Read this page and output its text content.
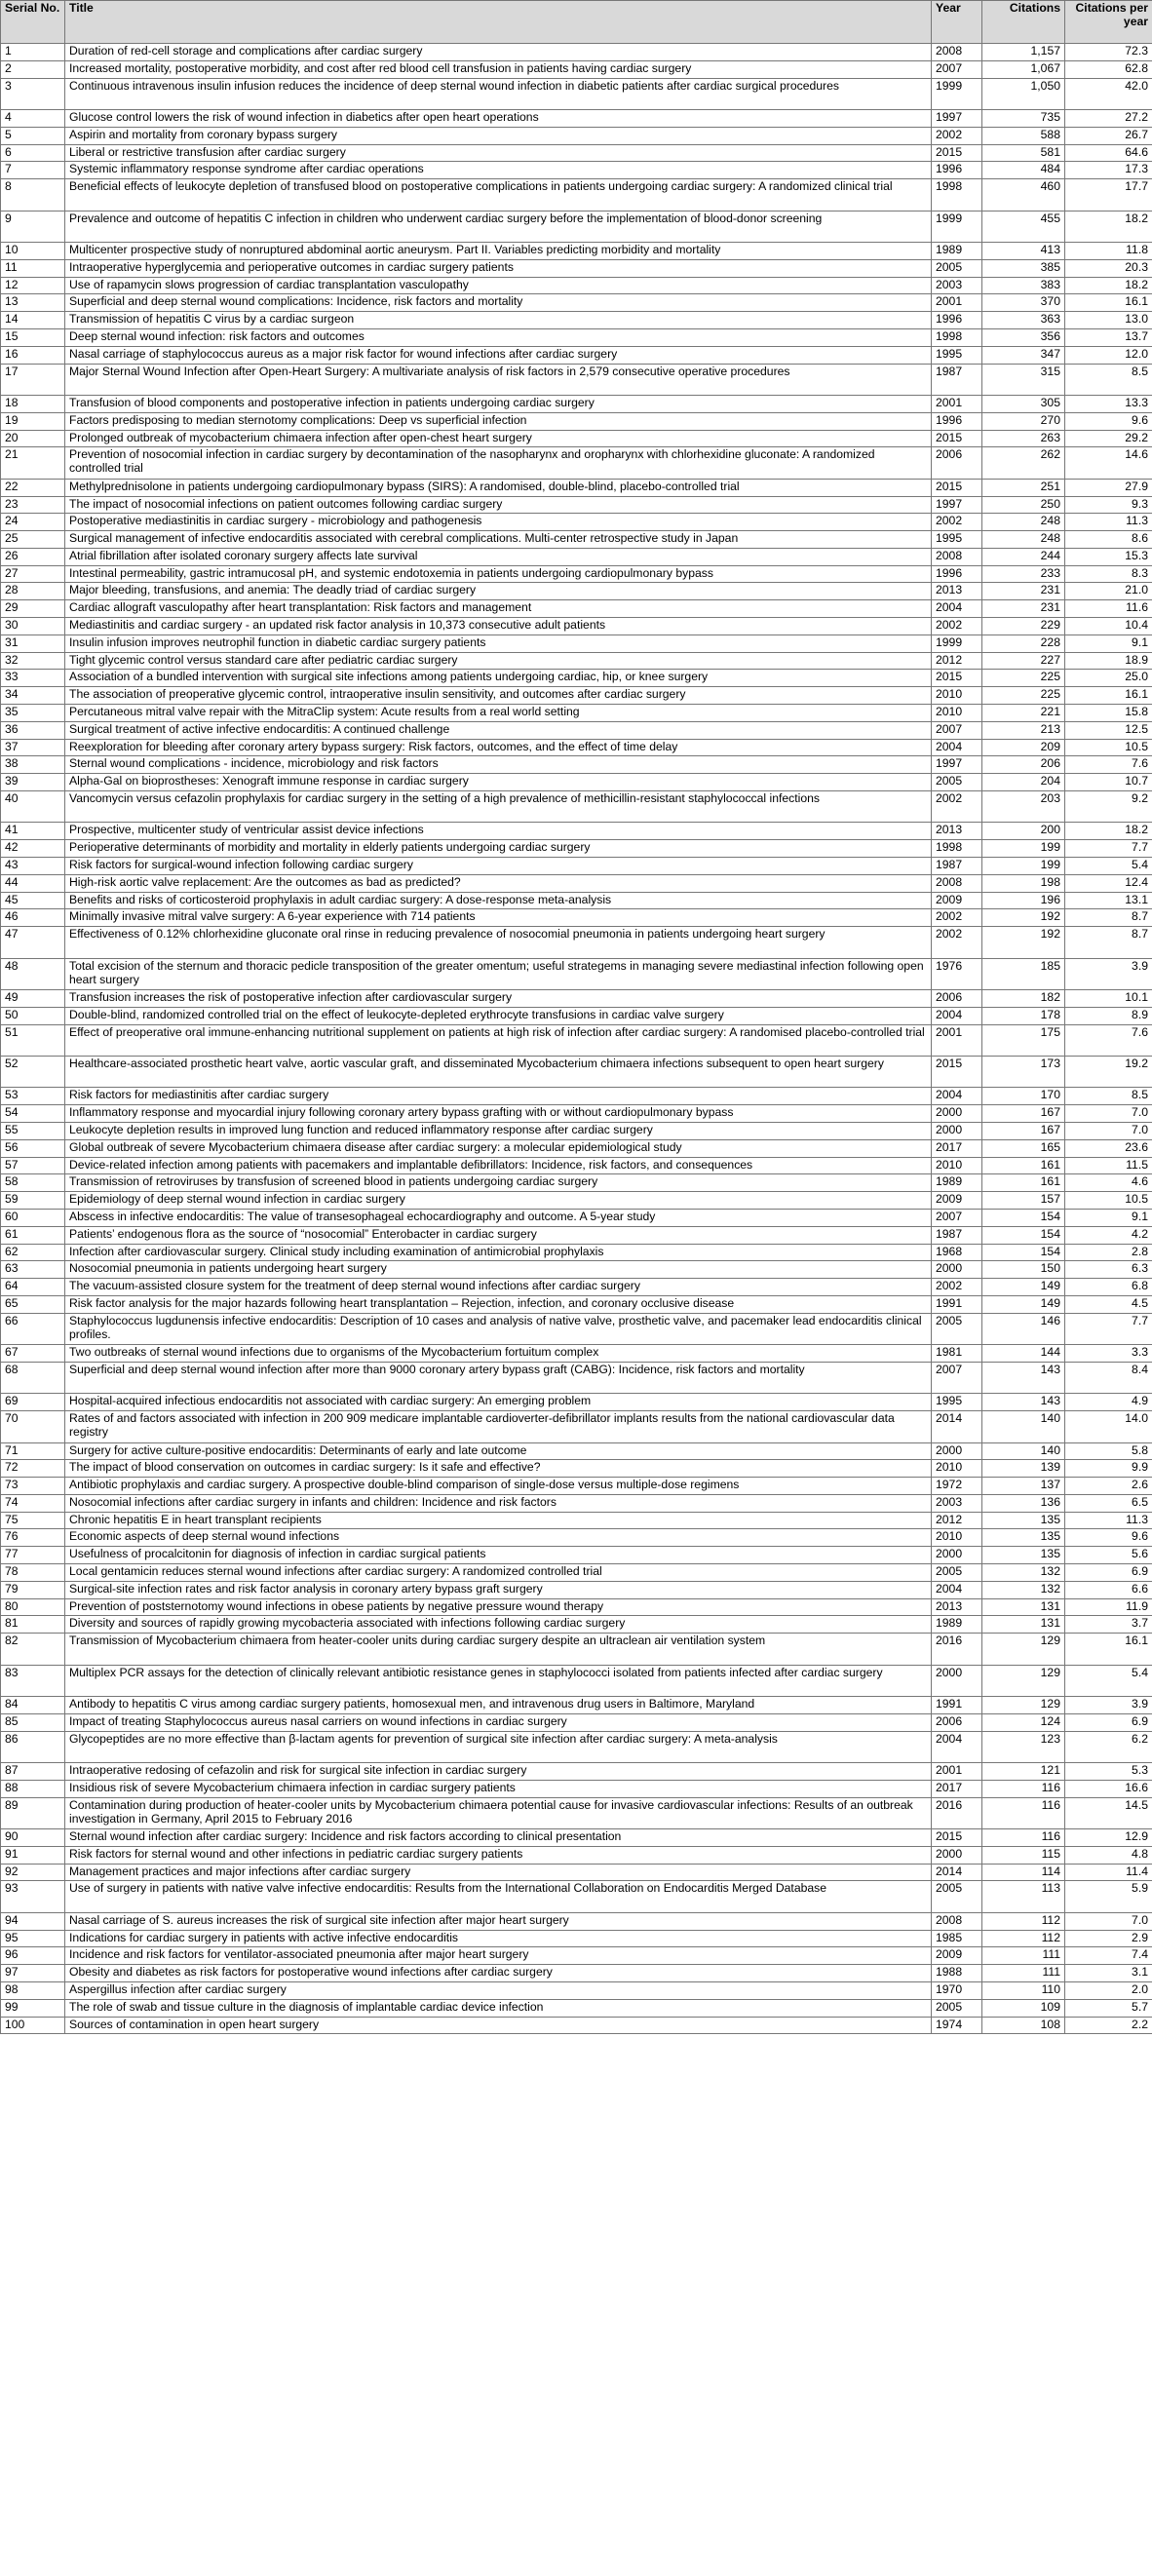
Serial No.	Title	Year	Citations	Citations per year
1	Duration of red-cell storage and complications after cardiac surgery	2008	1,157	72.3
2	Increased mortality, postoperative morbidity, and cost after red blood cell transfusion in patients having cardiac surgery	2007	1,067	62.8
3	Continuous intravenous insulin infusion reduces the incidence of deep sternal wound infection in diabetic patients after cardiac surgical procedures	1999	1,050	42.0
4	Glucose control lowers the risk of wound infection in diabetics after open heart operations	1997	735	27.2
5	Aspirin and mortality from coronary bypass surgery	2002	588	26.7
6	Liberal or restrictive transfusion after cardiac surgery	2015	581	64.6
7	Systemic inflammatory response syndrome after cardiac operations	1996	484	17.3
8	Beneficial effects of leukocyte depletion of transfused blood on postoperative complications in patients undergoing cardiac surgery: A randomized clinical trial	1998	460	17.7
9	Prevalence and outcome of hepatitis C infection in children who underwent cardiac surgery before the implementation of blood-donor screening	1999	455	18.2
10	Multicenter prospective study of nonruptured abdominal aortic aneurysm. Part II. Variables predicting morbidity and mortality	1989	413	11.8
11	Intraoperative hyperglycemia and perioperative outcomes in cardiac surgery patients	2005	385	20.3
12	Use of rapamycin slows progression of cardiac transplantation vasculopathy	2003	383	18.2
13	Superficial and deep sternal wound complications: Incidence, risk factors and mortality	2001	370	16.1
14	Transmission of hepatitis C virus by a cardiac surgeon	1996	363	13.0
15	Deep sternal wound infection: risk factors and outcomes	1998	356	13.7
16	Nasal carriage of staphylococcus aureus as a major risk factor for wound infections after cardiac surgery	1995	347	12.0
17	Major Sternal Wound Infection after Open-Heart Surgery: A multivariate analysis of risk factors in 2,579 consecutive operative procedures	1987	315	8.5
18	Transfusion of blood components and postoperative infection in patients undergoing cardiac surgery	2001	305	13.3
19	Factors predisposing to median sternotomy complications: Deep vs superficial infection	1996	270	9.6
20	Prolonged outbreak of mycobacterium chimaera infection after open-chest heart surgery	2015	263	29.2
21	Prevention of nosocomial infection in cardiac surgery by decontamination of the nasopharynx and oropharynx with chlorhexidine gluconate: A randomized controlled trial	2006	262	14.6
22	Methylprednisolone in patients undergoing cardiopulmonary bypass (SIRS): A randomised, double-blind, placebo-controlled trial	2015	251	27.9
23	The impact of nosocomial infections on patient outcomes following cardiac surgery	1997	250	9.3
24	Postoperative mediastinitis in cardiac surgery - microbiology and pathogenesis	2002	248	11.3
25	Surgical management of infective endocarditis associated with cerebral complications. Multi-center retrospective study in Japan	1995	248	8.6
26	Atrial fibrillation after isolated coronary surgery affects late survival	2008	244	15.3
27	Intestinal permeability, gastric intramucosal pH, and systemic endotoxemia in patients undergoing cardiopulmonary bypass	1996	233	8.3
28	Major bleeding, transfusions, and anemia: The deadly triad of cardiac surgery	2013	231	21.0
29	Cardiac allograft vasculopathy after heart transplantation: Risk factors and management	2004	231	11.6
30	Mediastinitis and cardiac surgery - an updated risk factor analysis in 10,373 consecutive adult patients	2002	229	10.4
31	Insulin infusion improves neutrophil function in diabetic cardiac surgery patients	1999	228	9.1
32	Tight glycemic control versus standard care after pediatric cardiac surgery	2012	227	18.9
33	Association of a bundled intervention with surgical site infections among patients undergoing cardiac, hip, or knee surgery	2015	225	25.0
34	The association of preoperative glycemic control, intraoperative insulin sensitivity, and outcomes after cardiac surgery	2010	225	16.1
35	Percutaneous mitral valve repair with the MitraClip system: Acute results from a real world setting	2010	221	15.8
36	Surgical treatment of active infective endocarditis: A continued challenge	2007	213	12.5
37	Reexploration for bleeding after coronary artery bypass surgery: Risk factors, outcomes, and the effect of time delay	2004	209	10.5
38	Sternal wound complications - incidence, microbiology and risk factors	1997	206	7.6
39	Alpha-Gal on bioprostheses: Xenograft immune response in cardiac surgery	2005	204	10.7
40	Vancomycin versus cefazolin prophylaxis for cardiac surgery in the setting of a high prevalence of methicillin-resistant staphylococcal infections	2002	203	9.2
41	Prospective, multicenter study of ventricular assist device infections	2013	200	18.2
42	Perioperative determinants of morbidity and mortality in elderly patients undergoing cardiac surgery	1998	199	7.7
43	Risk factors for surgical-wound infection following cardiac surgery	1987	199	5.4
44	High-risk aortic valve replacement: Are the outcomes as bad as predicted?	2008	198	12.4
45	Benefits and risks of corticosteroid prophylaxis in adult cardiac surgery: A dose-response meta-analysis	2009	196	13.1
46	Minimally invasive mitral valve surgery: A 6-year experience with 714 patients	2002	192	8.7
47	Effectiveness of 0.12% chlorhexidine gluconate oral rinse in reducing prevalence of nosocomial pneumonia in patients undergoing heart surgery	2002	192	8.7
48	Total excision of the sternum and thoracic pedicle transposition of the greater omentum; useful strategems in managing severe mediastinal infection following open heart surgery	1976	185	3.9
49	Transfusion increases the risk of postoperative infection after cardiovascular surgery	2006	182	10.1
50	Double-blind, randomized controlled trial on the effect of leukocyte-depleted erythrocyte transfusions in cardiac valve surgery	2004	178	8.9
51	Effect of preoperative oral immune-enhancing nutritional supplement on patients at high risk of infection after cardiac surgery: A randomised placebo-controlled trial	2001	175	7.6
52	Healthcare-associated prosthetic heart valve, aortic vascular graft, and disseminated Mycobacterium chimaera infections subsequent to open heart surgery	2015	173	19.2
53	Risk factors for mediastinitis after cardiac surgery	2004	170	8.5
54	Inflammatory response and myocardial injury following coronary artery bypass grafting with or without cardiopulmonary bypass	2000	167	7.0
55	Leukocyte depletion results in improved lung function and reduced inflammatory response after cardiac surgery	2000	167	7.0
56	Global outbreak of severe Mycobacterium chimaera disease after cardiac surgery: a molecular epidemiological study	2017	165	23.6
57	Device-related infection among patients with pacemakers and implantable defibrillators: Incidence, risk factors, and consequences	2010	161	11.5
58	Transmission of retroviruses by transfusion of screened blood in patients undergoing cardiac surgery	1989	161	4.6
59	Epidemiology of deep sternal wound infection in cardiac surgery	2009	157	10.5
60	Abscess in infective endocarditis: The value of transesophageal echocardiography and outcome. A 5-year study	2007	154	9.1
61	Patients’ endogenous flora as the source of “nosocomial” Enterobacter in cardiac surgery	1987	154	4.2
62	Infection after cardiovascular surgery. Clinical study including examination of antimicrobial prophylaxis	1968	154	2.8
63	Nosocomial pneumonia in patients undergoing heart surgery	2000	150	6.3
64	The vacuum-assisted closure system for the treatment of deep sternal wound infections after cardiac surgery	2002	149	6.8
65	Risk factor analysis for the major hazards following heart transplantation – Rejection, infection, and coronary occlusive disease	1991	149	4.5
66	Staphylococcus lugdunensis infective endocarditis: Description of 10 cases and analysis of native valve, prosthetic valve, and pacemaker lead endocarditis clinical profiles.	2005	146	7.7
67	Two outbreaks of sternal wound infections due to organisms of the Mycobacterium fortuitum complex	1981	144	3.3
68	Superficial and deep sternal wound infection after more than 9000 coronary artery bypass graft (CABG): Incidence, risk factors and mortality	2007	143	8.4
69	Hospital-acquired infectious endocarditis not associated with cardiac surgery: An emerging problem	1995	143	4.9
70	Rates of and factors associated with infection in 200 909 medicare implantable cardioverter-defibrillator implants results from the national cardiovascular data registry	2014	140	14.0
71	Surgery for active culture-positive endocarditis: Determinants of early and late outcome	2000	140	5.8
72	The impact of blood conservation on outcomes in cardiac surgery: Is it safe and effective?	2010	139	9.9
73	Antibiotic prophylaxis and cardiac surgery. A prospective double-blind comparison of single-dose versus multiple-dose regimens	1972	137	2.6
74	Nosocomial infections after cardiac surgery in infants and children: Incidence and risk factors	2003	136	6.5
75	Chronic hepatitis E in heart transplant recipients	2012	135	11.3
76	Economic aspects of deep sternal wound infections	2010	135	9.6
77	Usefulness of procalcitonin for diagnosis of infection in cardiac surgical patients	2000	135	5.6
78	Local gentamicin reduces sternal wound infections after cardiac surgery: A randomized controlled trial	2005	132	6.9
79	Surgical-site infection rates and risk factor analysis in coronary artery bypass graft surgery	2004	132	6.6
80	Prevention of poststernotomy wound infections in obese patients by negative pressure wound therapy	2013	131	11.9
81	Diversity and sources of rapidly growing mycobacteria associated with infections following cardiac surgery	1989	131	3.7
82	Transmission of Mycobacterium chimaera from heater-cooler units during cardiac surgery despite an ultraclean air ventilation system	2016	129	16.1
83	Multiplex PCR assays for the detection of clinically relevant antibiotic resistance genes in staphylococci isolated from patients infected after cardiac surgery	2000	129	5.4
84	Antibody to hepatitis C virus among cardiac surgery patients, homosexual men, and intravenous drug users in Baltimore, Maryland	1991	129	3.9
85	Impact of treating Staphylococcus aureus nasal carriers on wound infections in cardiac surgery	2006	124	6.9
86	Glycopeptides are no more effective than β-lactam agents for prevention of surgical site infection after cardiac surgery: A meta-analysis	2004	123	6.2
87	Intraoperative redosing of cefazolin and risk for surgical site infection in cardiac surgery	2001	121	5.3
88	Insidious risk of severe Mycobacterium chimaera infection in cardiac surgery patients	2017	116	16.6
89	Contamination during production of heater-cooler units by Mycobacterium chimaera potential cause for invasive cardiovascular infections: Results of an outbreak investigation in Germany, April 2015 to February 2016	2016	116	14.5
90	Sternal wound infection after cardiac surgery: Incidence and risk factors according to clinical presentation	2015	116	12.9
91	Risk factors for sternal wound and other infections in pediatric cardiac surgery patients	2000	115	4.8
92	Management practices and major infections after cardiac surgery	2014	114	11.4
93	Use of surgery in patients with native valve infective endocarditis: Results from the International Collaboration on Endocarditis Merged Database	2005	113	5.9
94	Nasal carriage of S. aureus increases the risk of surgical site infection after major heart surgery	2008	112	7.0
95	Indications for cardiac surgery in patients with active infective endocarditis	1985	112	2.9
96	Incidence and risk factors for ventilator-associated pneumonia after major heart surgery	2009	111	7.4
97	Obesity and diabetes as risk factors for postoperative wound infections after cardiac surgery	1988	111	3.1
98	Aspergillus infection after cardiac surgery	1970	110	2.0
99	The role of swab and tissue culture in the diagnosis of implantable cardiac device infection	2005	109	5.7
100	Sources of contamination in open heart surgery	1974	108	2.2
